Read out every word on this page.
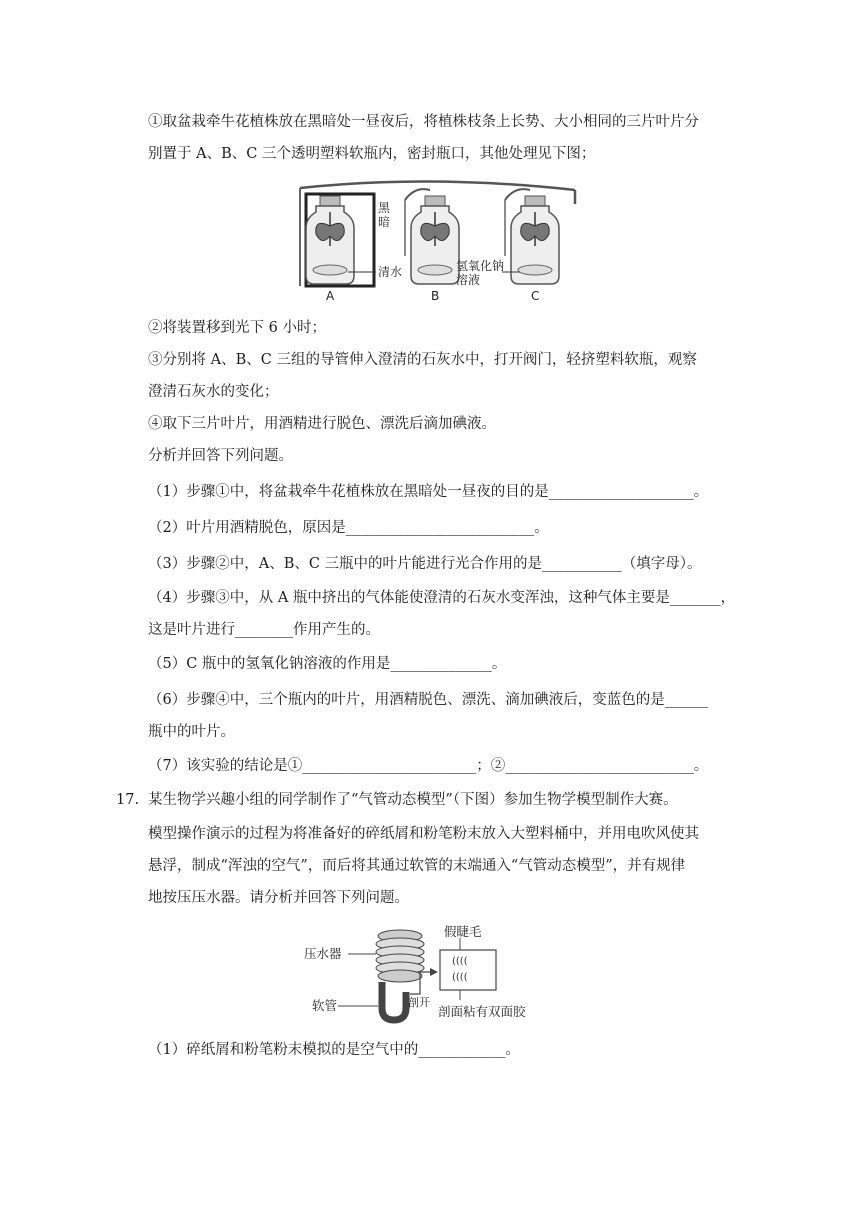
①取盆栽牵牛花植株放在黑暗处一昼夜后，将植株枝条上长势、大小相同的三片叶片分
别置于 A、B、C 三个透明塑料软瓶内，密封瓶口，其他处理见下图；
黑
暗
清水	氢氧化钠
溶液
A	B	C
②将装置移到光下 6 小时；
③分别将 A、B、C 三组的导管伸入澄清的石灰水中，打开阀门，轻挤塑料软瓶，观察
澄清石灰水的变化；
④取下三片叶片，用酒精进行脱色、漂洗后滴加碘液。
分析并回答下列问题。
（1）步骤①中，将盆栽牵牛花植株放在黑暗处一昼夜的目的是____________________。
（2）叶片用酒精脱色，原因是__________________________。
（3）步骤②中，A、B、C 三瓶中的叶片能进行光合作用的是___________（填字母）。
（4）步骤③中，从 A 瓶中挤出的气体能使澄清的石灰水变浑浊，这种气体主要是_______，
这是叶片进行________作用产生的。
（5）C 瓶中的氢氧化钠溶液的作用是______________。
（6）步骤④中，三个瓶内的叶片，用酒精脱色、漂洗、滴加碘液后，变蓝色的是______
瓶中的叶片。
（7）该实验的结论是①________________________；②__________________________。
17. 某生物学兴趣小组的同学制作了“气管动态模型”（下图）参加生物学模型制作大赛。
模型操作演示的过程为将准备好的碎纸屑和粉笔粉末放入大塑料桶中，并用电吹风使其
悬浮，制成“浑浊的空气”，而后将其通过软管的末端通入“气管动态模型”，并有规律
地按压压水器。请分析并回答下列问题。
((((
((((
压水器
软管	剖开
假睫毛
剖面粘有双面胶
（1）碎纸屑和粉笔粉末模拟的是空气中的____________。
